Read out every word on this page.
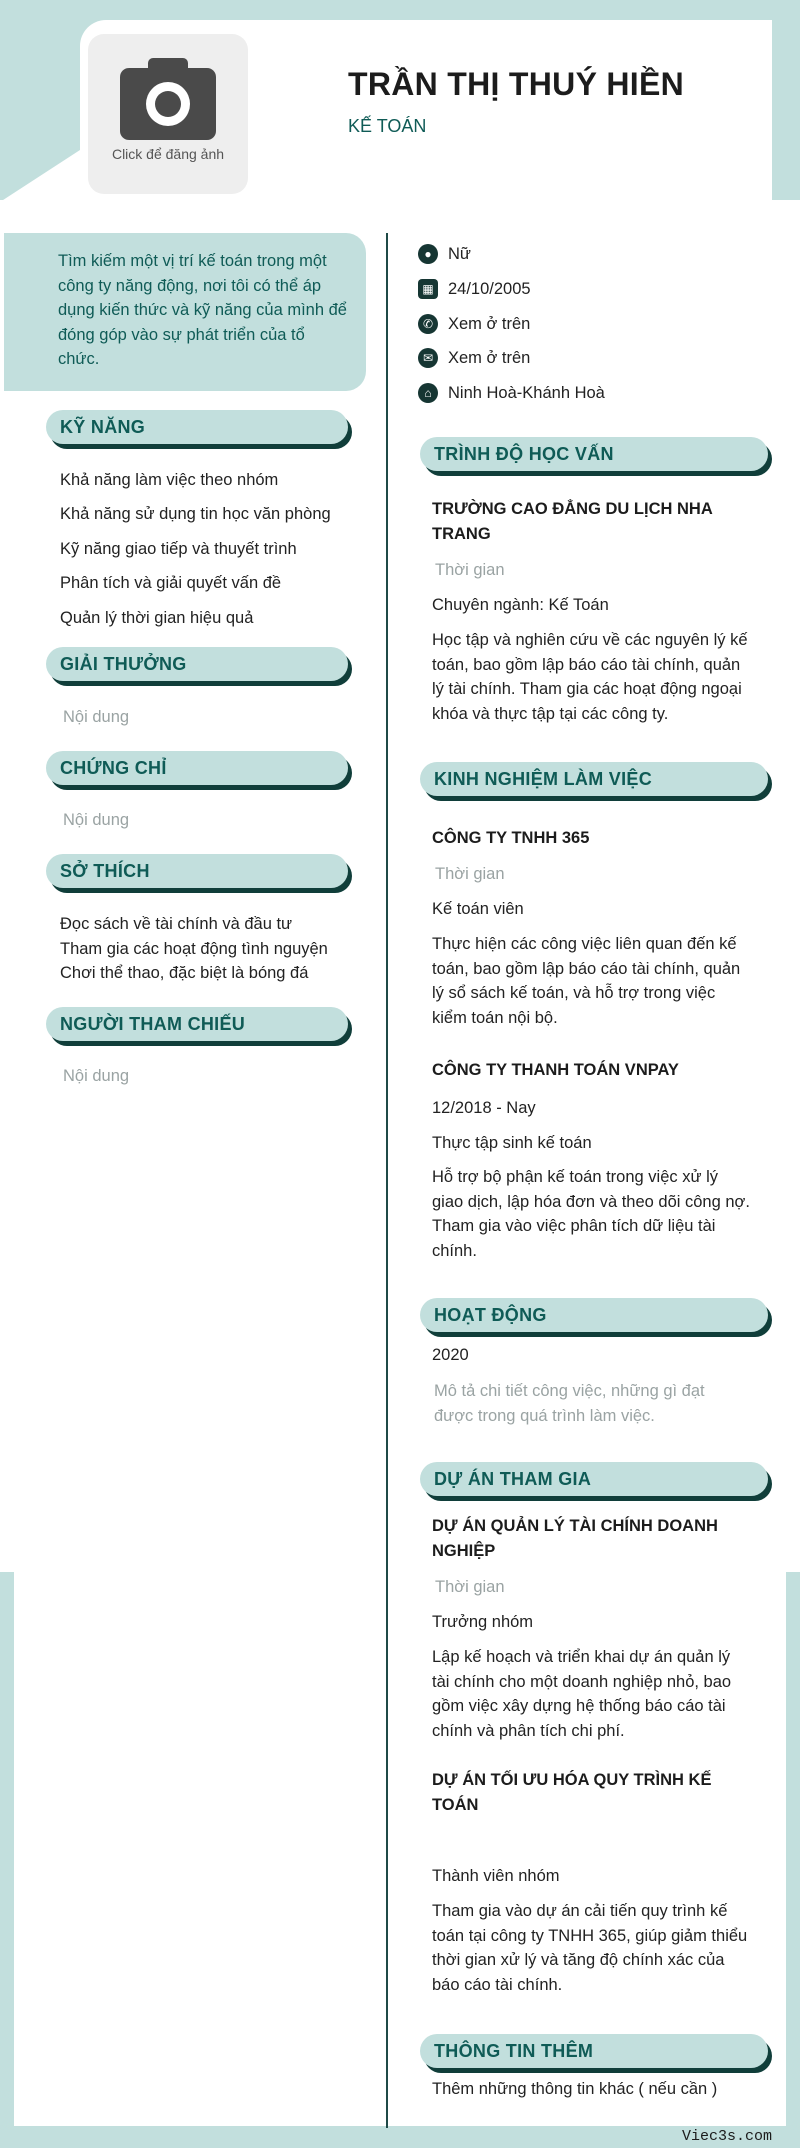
Click để đăng ảnh
TRẦN THỊ THUÝ HIỀN
KẾ TOÁN
Tìm kiếm một vị trí kế toán trong một công ty năng động, nơi tôi có thể áp dụng kiến thức và kỹ năng của mình để đóng góp vào sự phát triển của tổ chức.
● Nữ
▦ 24/10/2005
✆ Xem ở trên
✉ Xem ở trên
⌂ Ninh Hoà-Khánh Hoà
KỸ NĂNG
Khả năng làm việc theo nhóm
Khả năng sử dụng tin học văn phòng
Kỹ năng giao tiếp và thuyết trình
Phân tích và giải quyết vấn đề
Quản lý thời gian hiệu quả
GIẢI THƯỞNG
Nội dung
CHỨNG CHỈ
Nội dung
SỞ THÍCH
Đọc sách về tài chính và đầu tư
Tham gia các hoạt động tình nguyện
Chơi thể thao, đặc biệt là bóng đá
NGƯỜI THAM CHIẾU
Nội dung
TRÌNH ĐỘ HỌC VẤN
TRƯỜNG CAO ĐẲNG DU LỊCH NHA TRANG
Thời gian
Chuyên ngành: Kế Toán
Học tập và nghiên cứu về các nguyên lý kế toán, bao gồm lập báo cáo tài chính, quản lý tài chính. Tham gia các hoạt động ngoại khóa và thực tập tại các công ty.
KINH NGHIỆM LÀM VIỆC
CÔNG TY TNHH 365
Thời gian
Kế toán viên
Thực hiện các công việc liên quan đến kế toán, bao gồm lập báo cáo tài chính, quản lý sổ sách kế toán, và hỗ trợ trong việc kiểm toán nội bộ.
CÔNG TY THANH TOÁN VNPAY
12/2018 - Nay
Thực tập sinh kế toán
Hỗ trợ bộ phận kế toán trong việc xử lý giao dịch, lập hóa đơn và theo dõi công nợ. Tham gia vào việc phân tích dữ liệu tài chính.
HOẠT ĐỘNG
2020
Mô tả chi tiết công việc, những gì đạt được trong quá trình làm việc.
DỰ ÁN THAM GIA
DỰ ÁN QUẢN LÝ TÀI CHÍNH DOANH NGHIỆP
Thời gian
Trưởng nhóm
Lập kế hoạch và triển khai dự án quản lý tài chính cho một doanh nghiệp nhỏ, bao gồm việc xây dựng hệ thống báo cáo tài chính và phân tích chi phí.
DỰ ÁN TỐI ƯU HÓA QUY TRÌNH KẾ TOÁN
Thành viên nhóm
Tham gia vào dự án cải tiến quy trình kế toán tại công ty TNHH 365, giúp giảm thiểu thời gian xử lý và tăng độ chính xác của báo cáo tài chính.
THÔNG TIN THÊM
Thêm những thông tin khác ( nếu cần )
Viec3s.com
